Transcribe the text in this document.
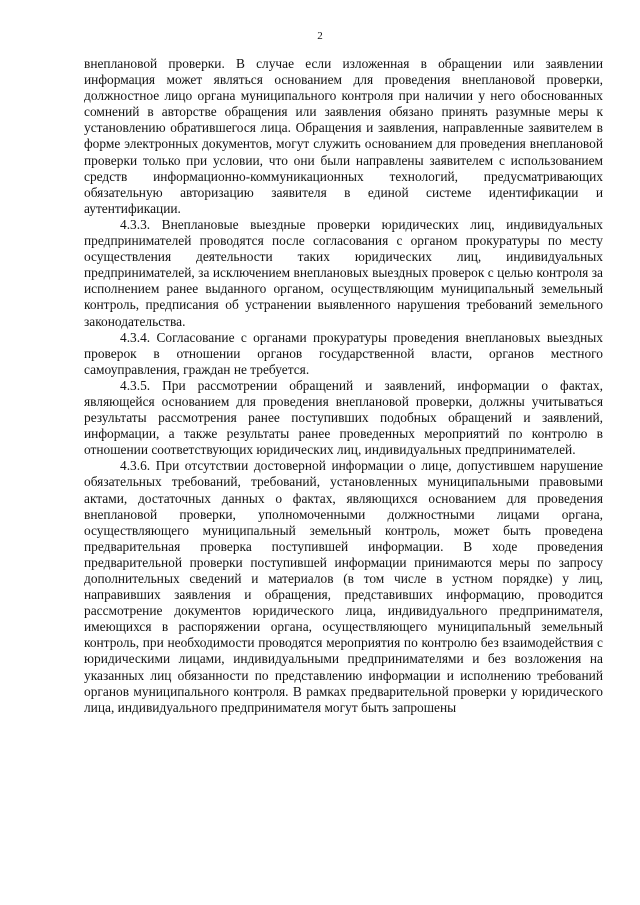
2

внеплановой проверки. В случае если изложенная в обращении или заявлении информация может являться основанием для проведения внеплановой проверки, должностное лицо органа муниципального контроля при наличии у него обоснованных сомнений в авторстве обращения или заявления обязано принять разумные меры к установлению обратившегося лица. Обращения и заявления, направленные заявителем в форме электронных документов, могут служить основанием для проведения внеплановой проверки только при условии, что они были направлены заявителем с использованием средств информационно-коммуникационных технологий, предусматривающих обязательную авторизацию заявителя в единой системе идентификации и аутентификации.

4.3.3. Внеплановые выездные проверки юридических лиц, индивидуальных предпринимателей проводятся после согласования с органом прокуратуры по месту осуществления деятельности таких юридических лиц, индивидуальных предпринимателей, за исключением внеплановых выездных проверок с целью контроля за исполнением ранее выданного органом, осуществляющим муниципальный земельный контроль, предписания об устранении выявленного нарушения требований земельного законодательства.

4.3.4. Согласование с органами прокуратуры проведения внеплановых выездных проверок в отношении органов государственной власти, органов местного самоуправления, граждан не требуется.

4.3.5. При рассмотрении обращений и заявлений, информации о фактах, являющейся основанием для проведения внеплановой проверки, должны учитываться результаты рассмотрения ранее поступивших подобных обращений и заявлений, информации, а также результаты ранее проведенных мероприятий по контролю в отношении соответствующих юридических лиц, индивидуальных предпринимателей.

4.3.6. При отсутствии достоверной информации о лице, допустившем нарушение обязательных требований, требований, установленных муниципальными правовыми актами, достаточных данных о фактах, являющихся основанием для проведения внеплановой проверки, уполномоченными должностными лицами органа, осуществляющего муниципальный земельный контроль, может быть проведена предварительная проверка поступившей информации. В ходе проведения предварительной проверки поступившей информации принимаются меры по запросу дополнительных сведений и материалов (в том числе в устном порядке) у лиц, направивших заявления и обращения, представивших информацию, проводится рассмотрение документов юридического лица, индивидуального предпринимателя, имеющихся в распоряжении органа, осуществляющего муниципальный земельный контроль, при необходимости проводятся мероприятия по контролю без взаимодействия с юридическими лицами, индивидуальными предпринимателями и без возложения на указанных лиц обязанности по представлению информации и исполнению требований органов муниципального контроля. В рамках предварительной проверки у юридического лица, индивидуального предпринимателя могут быть запрошены
